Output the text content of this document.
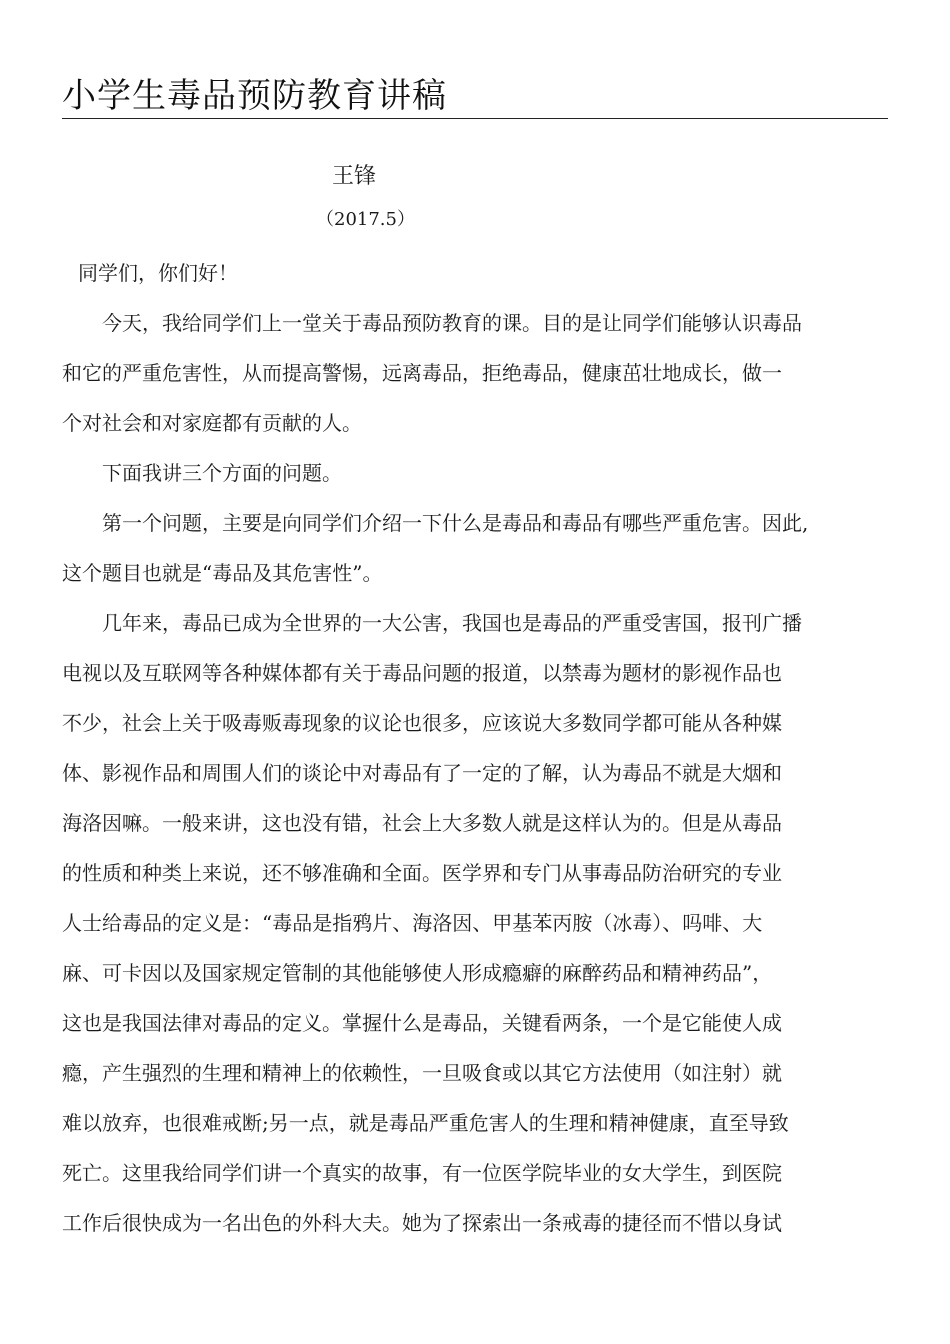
小学生毒品预防教育讲稿
王锋
（2017.5）
同学们，你们好！
今天，我给同学们上一堂关于毒品预防教育的课。目的是让同学们能够认识毒品
和它的严重危害性，从而提高警惕，远离毒品，拒绝毒品，健康茁壮地成长，做一
个对社会和对家庭都有贡献的人。
下面我讲三个方面的问题。
第一个问题，主要是向同学们介绍一下什么是毒品和毒品有哪些严重危害。因此,
这个题目也就是“毒品及其危害性”。
几年来，毒品已成为全世界的一大公害，我国也是毒品的严重受害国，报刊广播
电视以及互联网等各种媒体都有关于毒品问题的报道，以禁毒为题材的影视作品也
不少，社会上关于吸毒贩毒现象的议论也很多，应该说大多数同学都可能从各种媒
体、影视作品和周围人们的谈论中对毒品有了一定的了解，认为毒品不就是大烟和
海洛因嘛。一般来讲，这也没有错，社会上大多数人就是这样认为的。但是从毒品
的性质和种类上来说，还不够准确和全面。医学界和专门从事毒品防治研究的专业
人士给毒品的定义是：“毒品是指鸦片、海洛因、甲基苯丙胺（冰毒）、吗啡、大
麻、可卡因以及国家规定管制的其他能够使人形成瘾癖的麻醉药品和精神药品”，
这也是我国法律对毒品的定义。掌握什么是毒品，关键看两条，一个是它能使人成
瘾，产生强烈的生理和精神上的依赖性，一旦吸食或以其它方法使用（如注射）就
难以放弃，也很难戒断;另一点，就是毒品严重危害人的生理和精神健康，直至导致
死亡。这里我给同学们讲一个真实的故事，有一位医学院毕业的女大学生，到医院
工作后很快成为一名出色的外科大夫。她为了探索出一条戒毒的捷径而不惜以身试
